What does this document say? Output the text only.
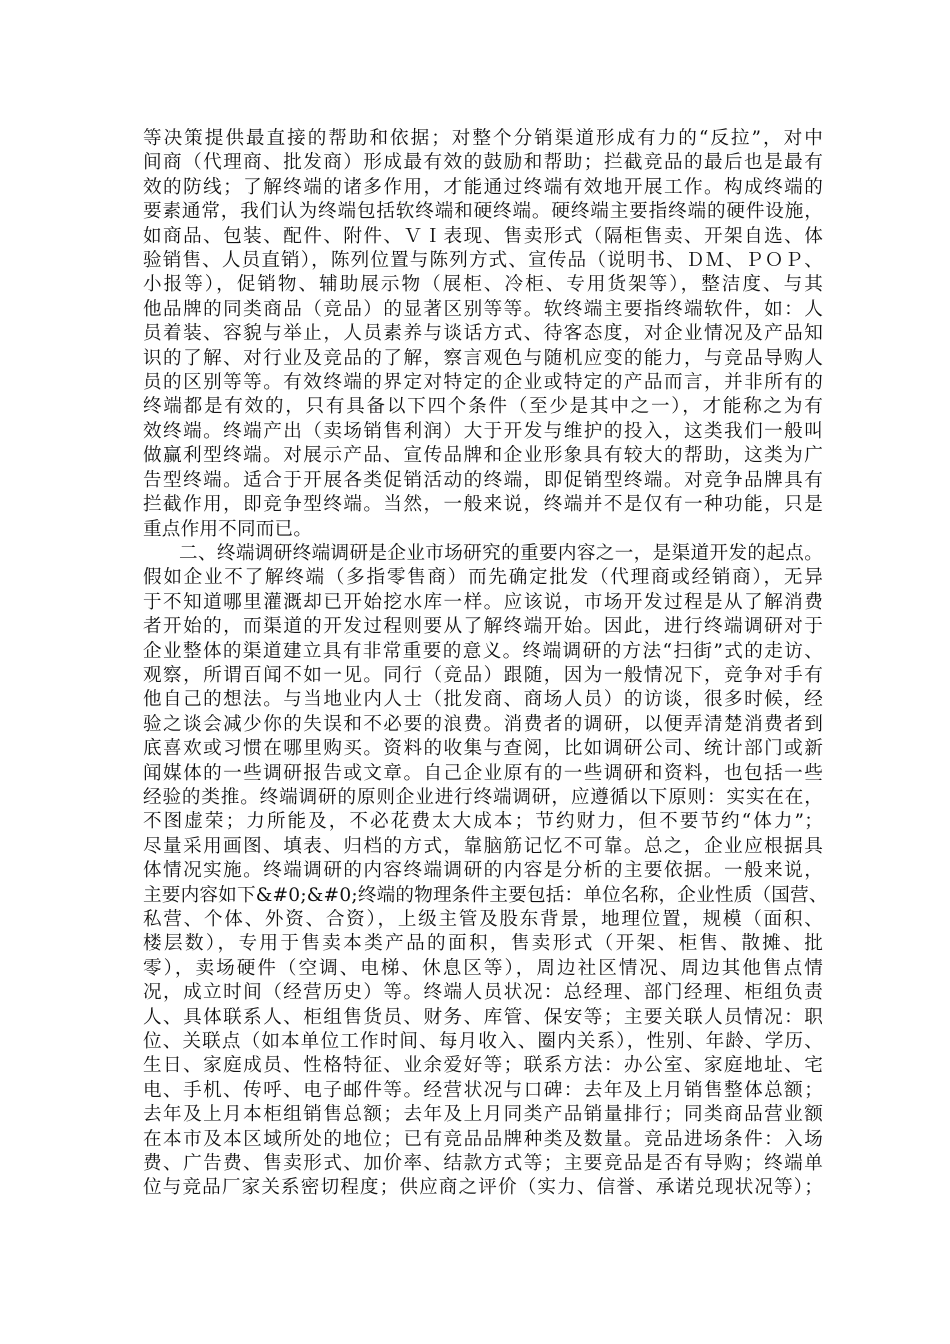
等决策提供最直接的帮助和依据；对整个分销渠道形成有力的“反拉”，对中
间商（代理商、批发商）形成最有效的鼓励和帮助；拦截竞品的最后也是最有
效的防线；了解终端的诸多作用，才能通过终端有效地开展工作。构成终端的
要素通常，我们认为终端包括软终端和硬终端。硬终端主要指终端的硬件设施，
如商品、包装、配件、附件、ＶＩ表现、售卖形式（隔柜售卖、开架自选、体
验销售、人员直销），陈列位置与陈列方式、宣传品（说明书、ＤＭ、ＰＯＰ、
小报等），促销物、辅助展示物（展柜、冷柜、专用货架等），整洁度、与其
他品牌的同类商品（竞品）的显著区别等等。软终端主要指终端软件，如：人
员着装、容貌与举止，人员素养与谈话方式、待客态度，对企业情况及产品知
识的了解、对行业及竞品的了解，察言观色与随机应变的能力，与竞品导购人
员的区别等等。有效终端的界定对特定的企业或特定的产品而言，并非所有的
终端都是有效的，只有具备以下四个条件（至少是其中之一），才能称之为有
效终端。终端产出（卖场销售利润）大于开发与维护的投入，这类我们一般叫
做赢利型终端。对展示产品、宣传品牌和企业形象具有较大的帮助，这类为广
告型终端。适合于开展各类促销活动的终端，即促销型终端。对竞争品牌具有
拦截作用，即竞争型终端。当然，一般来说，终端并不是仅有一种功能，只是
重点作用不同而已。
二、终端调研终端调研是企业市场研究的重要内容之一，是渠道开发的起点。
假如企业不了解终端（多指零售商）而先确定批发（代理商或经销商），无异
于不知道哪里灌溉却已开始挖水库一样。应该说，市场开发过程是从了解消费
者开始的，而渠道的开发过程则要从了解终端开始。因此，进行终端调研对于
企业整体的渠道建立具有非常重要的意义。终端调研的方法“扫街”式的走访、
观察，所谓百闻不如一见。同行（竞品）跟随，因为一般情况下，竞争对手有
他自己的想法。与当地业内人士（批发商、商场人员）的访谈，很多时候，经
验之谈会减少你的失误和不必要的浪费。消费者的调研，以便弄清楚消费者到
底喜欢或习惯在哪里购买。资料的收集与查阅，比如调研公司、统计部门或新
闻媒体的一些调研报告或文章。自己企业原有的一些调研和资料，也包括一些
经验的类推。终端调研的原则企业进行终端调研，应遵循以下原则：实实在在，
不图虚荣；力所能及，不必花费太大成本；节约财力，但不要节约“体力”；
尽量采用画图、填表、归档的方式，靠脑筋记忆不可靠。总之，企业应根据具
体情况实施。终端调研的内容终端调研的内容是分析的主要依据。一般来说，
主要内容如下&#0;&#0;终端的物理条件主要包括：单位名称，企业性质（国营、
私营、个体、外资、合资），上级主管及股东背景，地理位置，规模（面积、
楼层数），专用于售卖本类产品的面积，售卖形式（开架、柜售、散摊、批
零），卖场硬件（空调、电梯、休息区等），周边社区情况、周边其他售点情
况，成立时间（经营历史）等。终端人员状况：总经理、部门经理、柜组负责
人、具体联系人、柜组售货员、财务、库管、保安等；主要关联人员情况：职
位、关联点（如本单位工作时间、每月收入、圈内关系），性别、年龄、学历、
生日、家庭成员、性格特征、业余爱好等；联系方法：办公室、家庭地址、宅
电、手机、传呼、电子邮件等。经营状况与口碑：去年及上月销售整体总额；
去年及上月本柜组销售总额；去年及上月同类产品销量排行；同类商品营业额
在本市及本区域所处的地位；已有竞品品牌种类及数量。竞品进场条件：入场
费、广告费、售卖形式、加价率、结款方式等；主要竞品是否有导购；终端单
位与竞品厂家关系密切程度；供应商之评价（实力、信誉、承诺兑现状况等）；
